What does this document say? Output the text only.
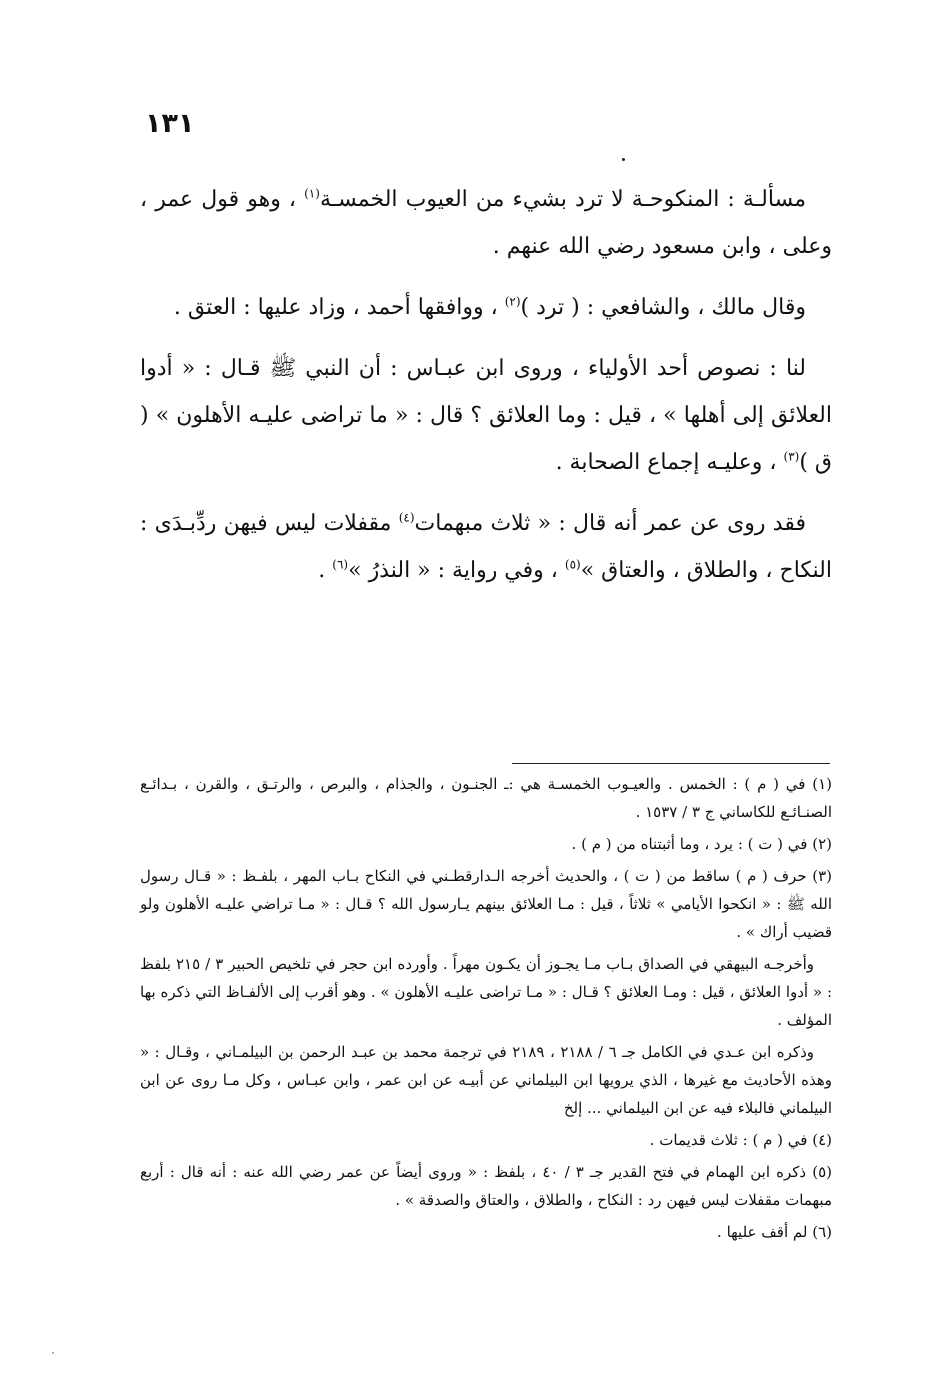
١٣١

مسألـة : المنكوحـة لا ترد بشيء من العيوب الخمسـة$^{(١)}$ ، وهو قول عمر ، وعلى ، وابن مسعود رضي الله عنهم .

وقال مالك ، والشافعي : ( ترد )$^{(٢)}$ ، ووافقها أحمد ، وزاد عليها : العتق .

لنا : نصوص أحد الأولياء ، وروى ابن عبـاس : أن النبي ﷺ قـال : « أدوا العلائق إلى أهلها » ، قيل : وما العلائق ؟ قال : « ما تراضى عليـه الأهلون » ( ق )$^{(٣)}$ ، وعليـه إجماع الصحابة .

فقد روى عن عمر أنه قال : « ثلاث مبهمات$^{(٤)}$ مقفلات ليس فيهن ردِّبـدَى : النكاح ، والطلاق ، والعتاق »$^{(٥)}$ ، وفي رواية : « النذرُ »$^{(٦)}$ .

(١) في ( م ) : الخمس . والعيـوب الخمسـة هي :ـ الجنـون ، والجذام ، والبرص ، والرتـق ، والقرن ، بـدائـع الصنـائـع للكاساني ج ٣ / ١٥٣٧ .

(٢) في ( ت ) : يرد ، وما أثبتناه من ( م ) .

(٣) حرف ( م ) ساقط من ( ت ) ، والحديث أخرجه الـدارقطـني في النكاح بـاب المهر ، بلفـظ : « قـال رسول الله ﷺ : « انكحوا الأيامي » ثلاثاً ، قيل : مـا العلائق بينهم يـارسول الله ؟ قـال : « مـا تراضي عليـه الأهلون ولو قضيب أراك » .

وأخرجـه البيهقي في الصداق بـاب مـا يجـوز أن يكـون مهراً . وأورده ابن حجر في تلخيص الحبير ٣ / ٢١٥ بلفظ : « أدوا العلائق ، قيل : ومـا العلائق ؟ قـال : « مـا تراضى عليـه الأهلون » . وهو أقرب إلى الألفـاظ التي ذكره بها المؤلف .

وذكره ابن عـدي في الكامل جـ ٦ / ٢١٨٨ ، ٢١٨٩ في ترجمة محمد بن عبـد الرحمن بن البيلمـاني ، وقـال : « وهذه الأحاديث مع غيرها ، الذي يرويها ابن البيلماني عن أبيـه عن ابن عمر ، وابن عبـاس ، وكل مـا روى عن ابن البيلماني فالبلاء فيه عن ابن البيلماني ... إلخ

(٤) في ( م ) : ثلاث قديمات .

(٥) ذكره ابن الهمام في فتح القدير جـ ٣ / ٤٠ ، بلفظ : « وروى أيضاً عن عمر رضي الله عنه : أنه قال : أربع مبهمات مقفلات ليس فيهن رد : النكاح ، والطلاق ، والعتاق والصدقة » .

(٦) لم أقف عليها .
